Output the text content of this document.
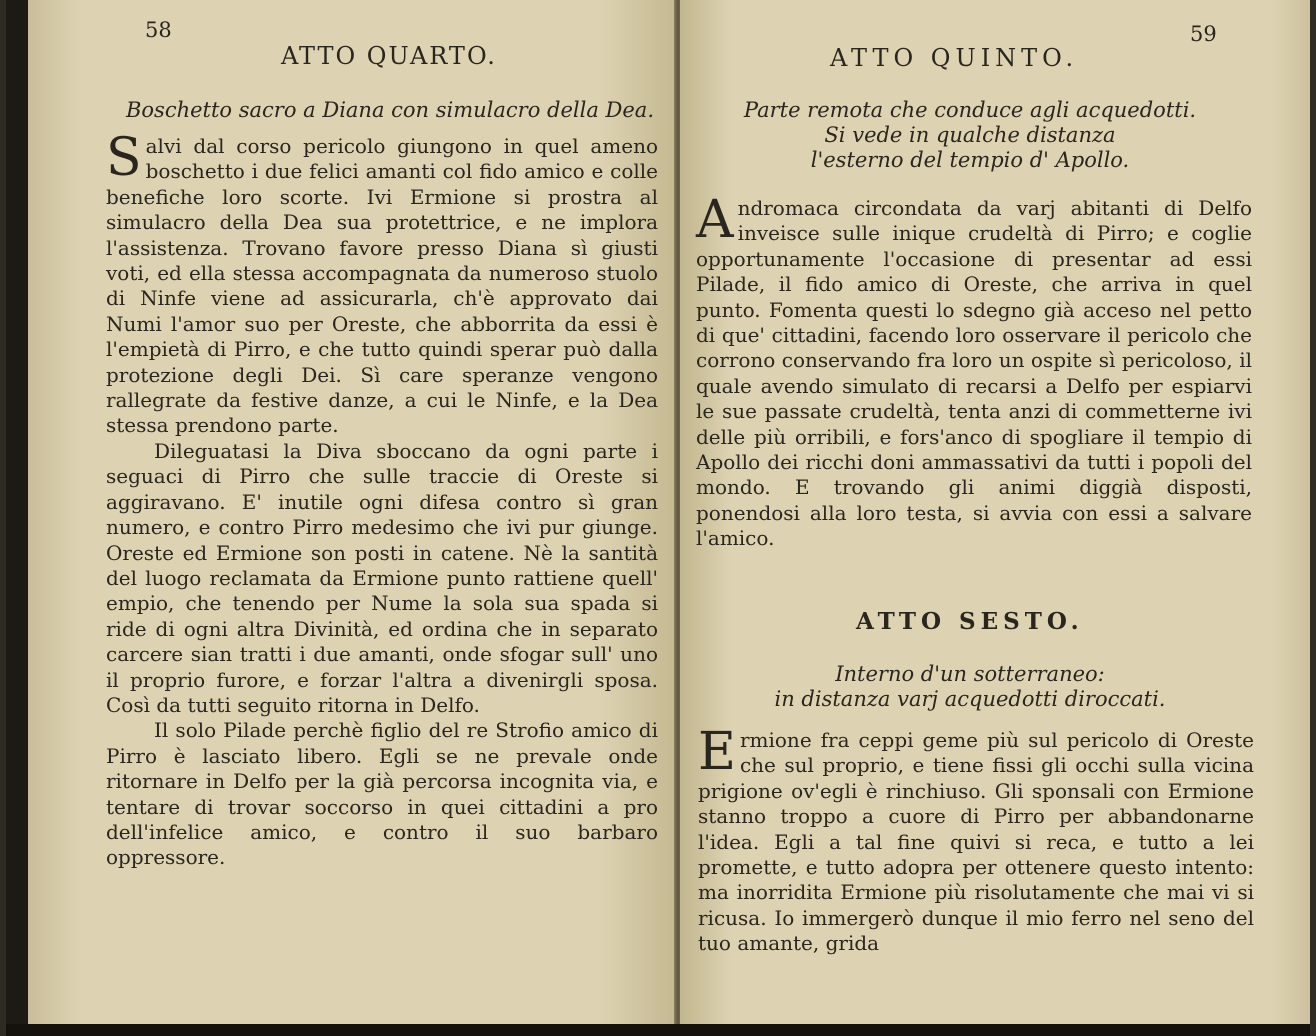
58
ATTO QUARTO.
Boschetto sacro a Diana con simulacro della Dea.

Salvi dal corso pericolo giungono in quel ameno boschetto i due felici amanti col fido amico e colle benefiche loro scorte. Ivi Ermione si prostra al simulacro della Dea sua protettrice, e ne implora l'assistenza. Trovano favore presso Diana sì giusti voti, ed ella stessa accompagnata da numeroso stuolo di Ninfe viene ad assicurarla, ch'è approvato dai Numi l'amor suo per Oreste, che abborrita da essi è l'empietà di Pirro, e che tutto quindi sperar può dalla protezione degli Dei. Sì care speranze vengono rallegrate da festive danze, a cui le Ninfe, e la Dea stessa prendono parte.

Dileguatasi la Diva sboccano da ogni parte i seguaci di Pirro che sulle traccie di Oreste si aggiravano. E' inutile ogni difesa contro sì gran numero, e contro Pirro medesimo che ivi pur giunge. Oreste ed Ermione son posti in catene. Nè la santità del luogo reclamata da Ermione punto rattiene quell' empio, che tenendo per Nume la sola sua spada si ride di ogni altra Divinità, ed ordina che in separato carcere sian tratti i due amanti, onde sfogar sull' uno il proprio furore, e forzar l'altra a divenirgli sposa. Così da tutti seguito ritorna in Delfo.

Il solo Pilade perchè figlio del re Strofio amico di Pirro è lasciato libero. Egli se ne prevale onde ritornare in Delfo per la già percorsa incognita via, e tentare di trovar soccorso in quei cittadini a pro dell'infelice amico, e contro il suo barbaro oppressore.

59
ATTO QUINTO.
Parte remota che conduce agli acquedotti.
Si vede in qualche distanza
l'esterno del tempio d' Apollo.

Andromaca circondata da varj abitanti di Delfo inveisce sulle inique crudeltà di Pirro; e coglie opportunamente l'occasione di presentar ad essi Pilade, il fido amico di Oreste, che arriva in quel punto. Fomenta questi lo sdegno già acceso nel petto di que' cittadini, facendo loro osservare il pericolo che corrono conservando fra loro un ospite sì pericoloso, il quale avendo simulato di recarsi a Delfo per espiarvi le sue passate crudeltà, tenta anzi di commetterne ivi delle più orribili, e fors'anco di spogliare il tempio di Apollo dei ricchi doni ammassativi da tutti i popoli del mondo. E trovando gli animi diggià disposti, ponendosi alla loro testa, si avvia con essi a salvare l'amico.

ATTO SESTO.
Interno d'un sotterraneo:
in distanza varj acquedotti diroccati.

Ermione fra ceppi geme più sul pericolo di Oreste che sul proprio, e tiene fissi gli occhi sulla vicina prigione ov'egli è rinchiuso. Gli sponsali con Ermione stanno troppo a cuore di Pirro per abbandonarne l'idea. Egli a tal fine quivi si reca, e tutto a lei promette, e tutto adopra per ottenere questo intento: ma inorridita Ermione più risolutamente che mai vi si ricusa. Io immergerò dunque il mio ferro nel seno del tuo amante, grida
